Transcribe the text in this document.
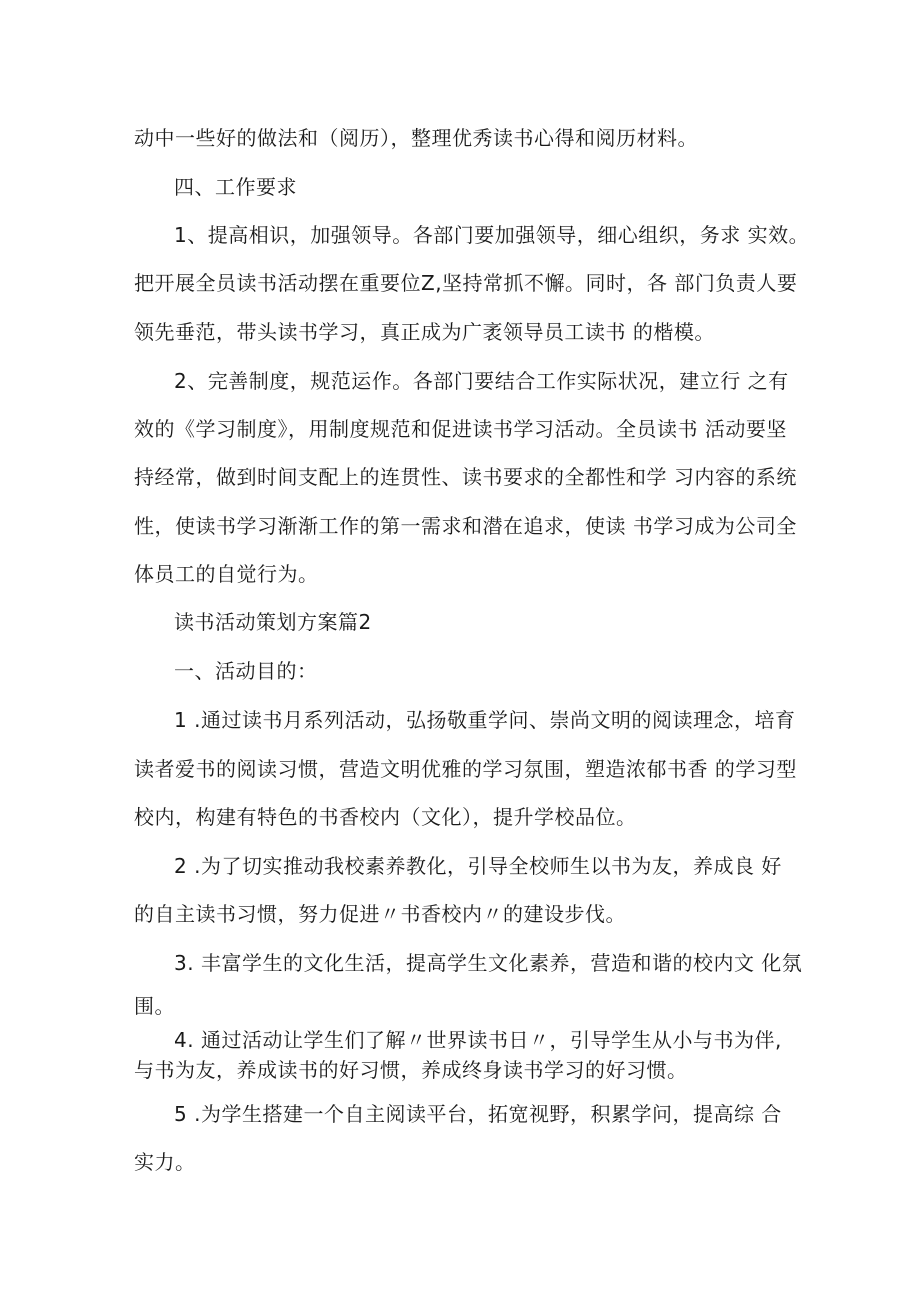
动中一些好的做法和（阅历），整理优秀读书心得和阅历材料。
四、工作要求
1、提高相识，加强领导。各部门要加强领导，细心组织，务求 实效。
把开展全员读书活动摆在重要位Z,坚持常抓不懈。同时，各 部门负责人要
领先垂范，带头读书学习，真正成为广袤领导员工读书 的楷模。
2、完善制度，规范运作。各部门要结合工作实际状况，建立行 之有
效的《学习制度》，用制度规范和促进读书学习活动。全员读书 活动要坚
持经常，做到时间支配上的连贯性、读书要求的全都性和学 习内容的系统
性，使读书学习渐渐工作的第一需求和潜在追求，使读 书学习成为公司全
体员工的自觉行为。
读书活动策划方案篇2
一、活动目的：
1 .通过读书月系列活动，弘扬敬重学问、崇尚文明的阅读理念，培育
读者爱书的阅读习惯，营造文明优雅的学习氛围，塑造浓郁书香 的学习型
校内，构建有特色的书香校内（文化），提升学校品位。
2 .为了切实推动我校素养教化，引导全校师生以书为友，养成良 好
的自主读书习惯，努力促进〃书香校内〃的建设步伐。
3. 丰富学生的文化生活，提高学生文化素养，营造和谐的校内文 化氛
围。
4. 通过活动让学生们了解〃世界读书日〃，引导学生从小与书为伴,
与书为友，养成读书的好习惯，养成终身读书学习的好习惯。
5 .为学生搭建一个自主阅读平台，拓宽视野，积累学问，提高综 合
实力。
